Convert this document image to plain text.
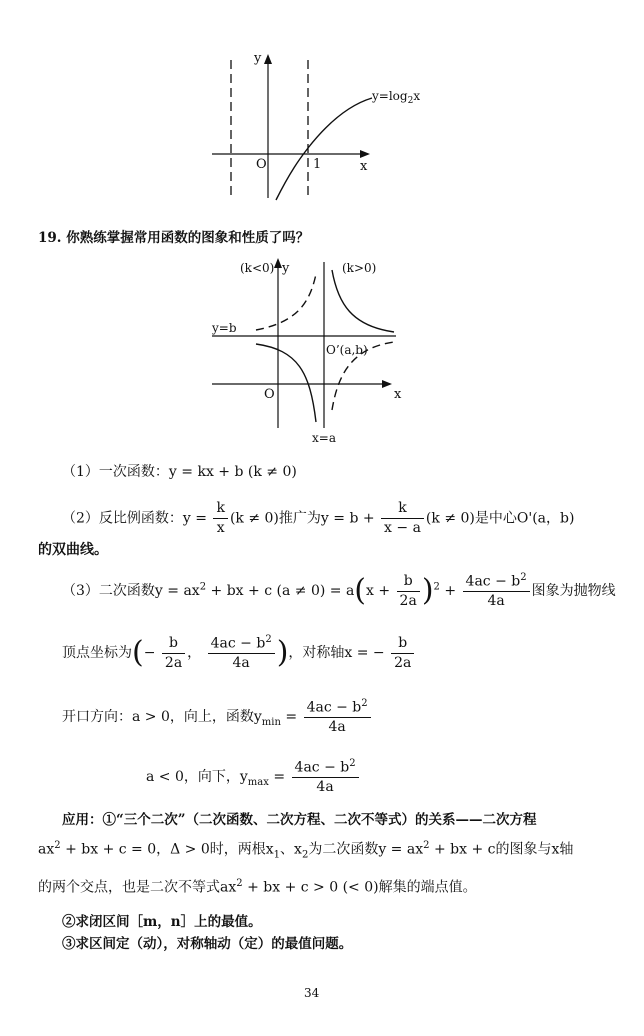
y
x
O	1
$y=\log_2x$
19. 你熟练掌握常用函数的图象和性质了吗？
(k<0) y	(k>0)
y=b
O’(a,b)
O	x
x=a
（1）一次函数：y = kx + b (k ≠ 0)
（2）反比例函数：$y = \frac{k}{x} (k \ne 0)$推广为$y = b + \frac{k}{x - a} (k \ne 0)$是中心O'(a，b)
的双曲线。
（3）二次函数$y = ax^2$ + bx + c $(a \ne 0) = a(x + \frac{b}{2a} )^2 + \frac{4ac - b^2}{4a}$ 图象为抛物线
顶点坐标为(− $\frac{b}{2a}$ ， $\frac{4ac - b^2}{4a}$ )，对称轴x = − $\frac{b}{2a}$
开口方向：a > 0，向上，函数$y_{min} = \frac{4ac - b^2}{4a}$
a < 0，向下，$y_{max} = \frac{4ac - b^2}{4a}$
应用：①“三个二次”（二次函数、二次方程、二次不等式）的关系——二次方程
$ax^2$ + bx + c = 0，Δ > 0时，两根$x_1$、$x_2$为二次函数$y = ax^2$ + bx + c的图象与x轴
的两个交点，也是二次不等式$ax^2$ + bx + c > 0 (< 0)解集的端点值。
②求闭区间［m，n］上的最值。
③求区间定（动），对称轴动（定）的最值问题。
34
